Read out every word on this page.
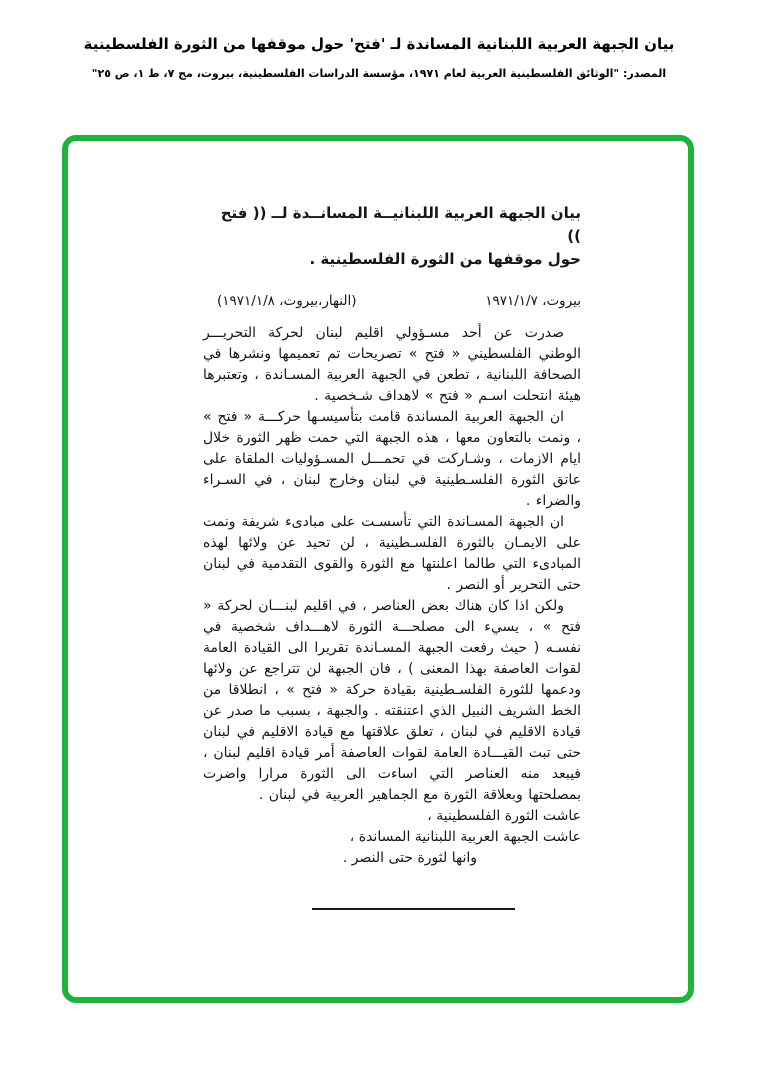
بيان الجبهة العربية اللبنانية المساندة لـ 'فتح' حول موقفها من الثورة الفلسطينية
المصدر: "الوثائق الفلسطينية العربية لعام ١٩٧١، مؤسسة الدراسات الفلسطينية، بيروت، مج ٧، ط ١، ص ٢٥"
بيان الجبهة العربية اللبنانيــة المسانــدة لــ (( فتح ))
حول موقفها من الثورة الفلسطينية .
بيروت، ١٩٧١/١/٧
(النهار،بيروت، ١٩٧١/١/٨)

صدرت عن أحد مسـؤولي اقليم لبنان لحركة التحريـــر الوطني الفلسطيني « فتح » تصريحات تم تعميمها ونشرها في الصحافة اللبنانية ، تطعن في الجبهة العربية المسـاندة ، وتعتبرها هيئة انتحلت اسـم « فتح » لاهداف شـخصية .

ان الجبهة العربية المساندة قامت بتأسيسـها حركـــة « فتح » ، ونمت بالتعاون معها ، هذه الجبهة التي حمت ظهر الثورة خلال ايام الازمات ، وشـاركت في تحمـــل المسـؤوليات الملقاة على عاتق الثورة الفلسـطينية في لبنان وخارج لبنان ، في السـراء والضراء .

ان الجبهة المسـاندة التي تأسسـت على مبادىء شريفة ونمت على الايمـان بالثورة الفلسـطينية ، لن تحيد عن ولائها لهذه المبادىء التي طالما اعلنتها مع الثورة والقوى التقدمية في لبنان حتى التحرير أو النصر .

ولكن اذا كان هناك بعض العناصر ، في اقليم لبنـــان لحركة « فتح » ، يسيء الى مصلحـــة الثورة لاهـــداف شخصية في نفسـه ( حيث رفعت الجبهة المسـاندة تقريرا الى القيادة العامة لقوات العاصفة بهذا المعنى ) ، فان الجبهة لن تتراجع عن ولائها ودعمها للثورة الفلسـطينية بقيادة حركة « فتح » ، انطلاقا من الخط الشريف النبيل الذي اعتنقته . والجبهة ، بسبب ما صدر عن قيادة الاقليم في لبنان ، تعلق علاقتها مع قيادة الاقليم في لبنان حتى تبت القيـــادة العامة لقوات العاصفة أمر قيادة اقليم لبنان ، فيبعد منه العناصر التي اساءت الى الثورة مرارا واضرت بمصلحتها وبعلاقة الثورة مع الجماهير العربية في لبنان .

عاشت الثورة الفلسطينية ،
عاشت الجبهة العربية اللبنانية المساندة ،
وانها لثورة حتى النصر .
